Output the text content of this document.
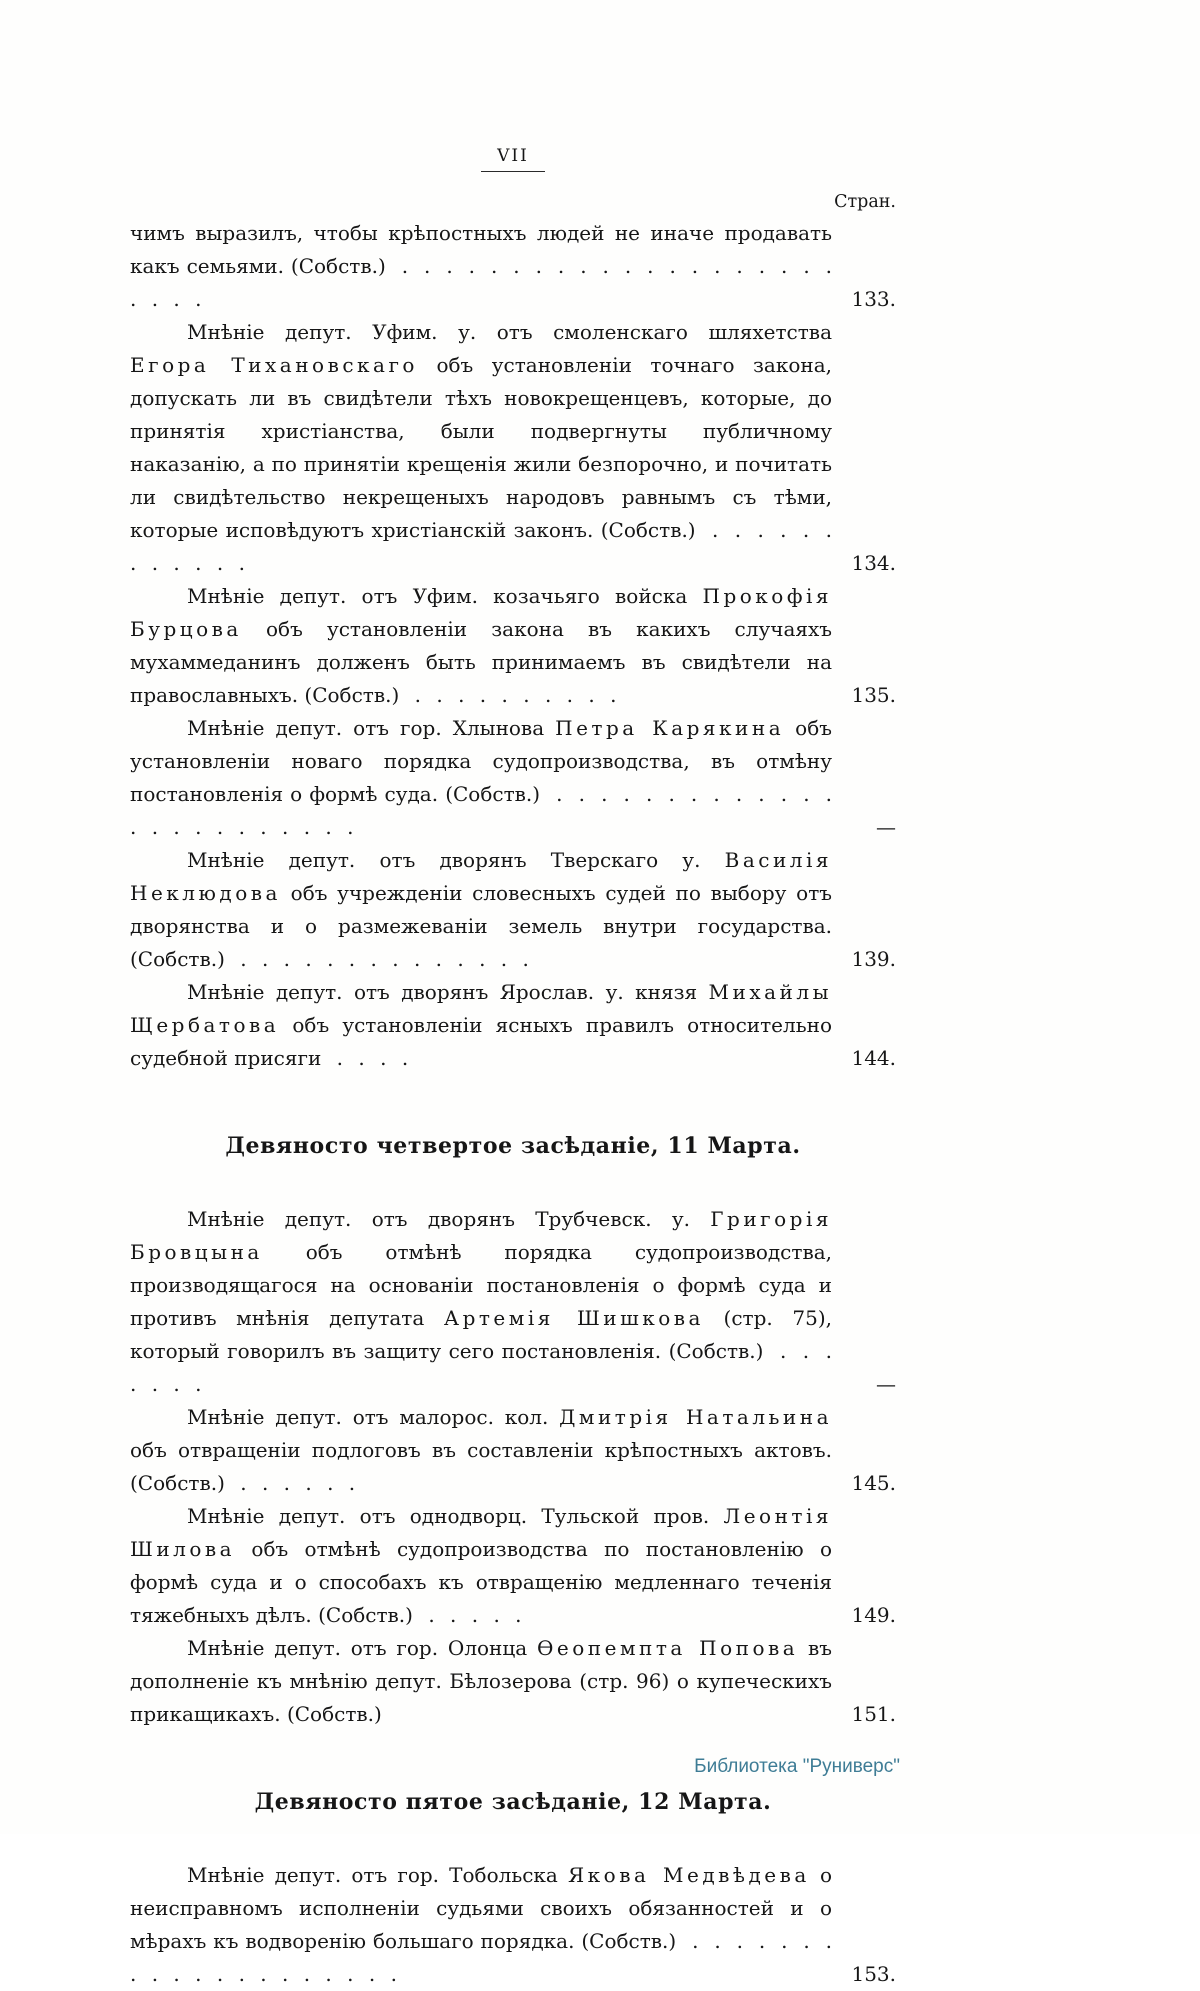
VII
Стран.
чимъ выразилъ, чтобы крѣпостныхъ людей не иначе продавать какъ семьями. (Собств.) . . . . . . . . . . . . . . . . . . . . . . . .	133.
Мнѣніе депут. Уфим. у. отъ смоленскаго шляхетства Егора Тихановскаго объ установленіи точнаго закона, допускать ли въ свидѣтели тѣхъ новокрещенцевъ, которые, до принятія христіанства, были подвергнуты публичному наказанію, а по принятіи крещенія жили безпорочно, и почитать ли свидѣтельство некрещеныхъ народовъ равнымъ съ тѣми, которые исповѣдуютъ христіанскій законъ. (Собств.) . . . . . . . . . . . .	134.
Мнѣніе депут. отъ Уфим. козачьяго войска Прокофія Бурцова объ установленіи закона въ какихъ случаяхъ мухаммеданинъ долженъ быть принимаемъ въ свидѣтели на православныхъ. (Собств.) . . . . . . . . . .	135.
Мнѣніе депут. отъ гор. Хлынова Петра Карякина объ установленіи новаго порядка судопроизводства, въ отмѣну постановленія о формѣ суда. (Собств.) . . . . . . . . . . . . . . . . . . . . . . . .	—
Мнѣніе депут. отъ дворянъ Тверскаго у. Василія Неклюдова объ учрежденіи словесныхъ судей по выбору отъ дворянства и о размежеваніи земель внутри государства. (Собств.) . . . . . . . . . . . . . .	139.
Мнѣніе депут. отъ дворянъ Ярослав. у. князя Михайлы Щербатова объ установленіи ясныхъ правилъ относительно судебной присяги . . . .	144.
Девяносто четвертое засѣданіе, 11 Марта.
Мнѣніе депут. отъ дворянъ Трубчевск. у. Григорія Бровцына объ отмѣнѣ порядка судопроизводства, производящагося на основаніи постановленія о формѣ суда и противъ мнѣнія депутата Артемія Шишкова (стр. 75), который говорилъ въ защиту сего постановленія. (Собств.) . . . . . . .	—
Мнѣніе депут. отъ малорос. кол. Дмитрія Натальина объ отвращеніи подлоговъ въ составленіи крѣпостныхъ актовъ. (Собств.) . . . . . .	145.
Мнѣніе депут. отъ однодворц. Тульской пров. Леонтія Шилова объ отмѣнѣ судопроизводства по постановленію о формѣ суда и о способахъ къ отвращенію медленнаго теченія тяжебныхъ дѣлъ. (Собств.) . . . . .	149.
Мнѣніе депут. отъ гор. Олонца Ѳеопемпта Попова въ дополненіе къ мнѣнію депут. Бѣлозерова (стр. 96) о купеческихъ прикащикахъ. (Собств.)	151.
Девяносто пятое засѣданіе, 12 Марта.
Мнѣніе депут. отъ гор. Тобольска Якова Медвѣдева о неисправномъ исполненіи судьями своихъ обязанностей и о мѣрахъ къ водворенію большаго порядка. (Собств.) . . . . . . . . . . . . . . . . . . . .	153.
Библиотека "Руниверс"
